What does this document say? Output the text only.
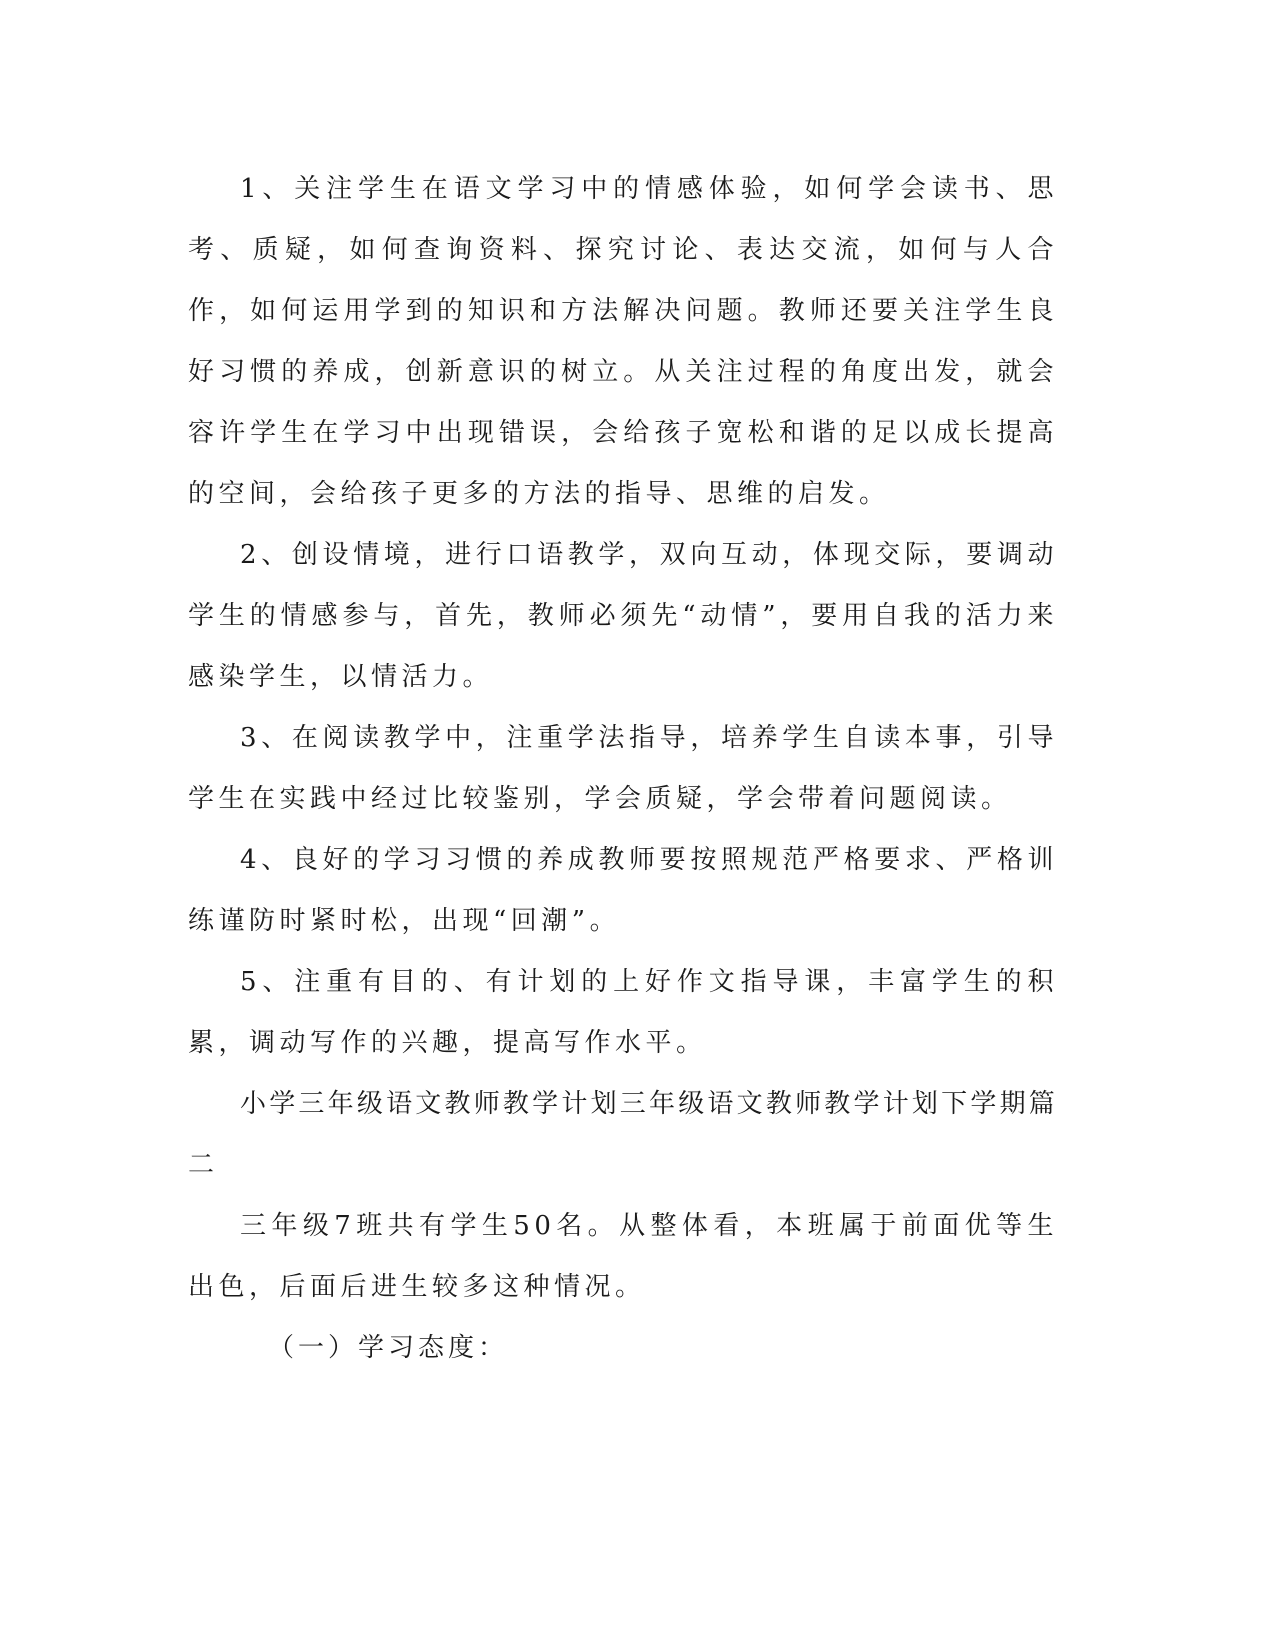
1、关注学生在语文学习中的情感体验，如何学会读书、思考、质疑，如何查询资料、探究讨论、表达交流，如何与人合作，如何运用学到的知识和方法解决问题。教师还要关注学生良好习惯的养成，创新意识的树立。从关注过程的角度出发，就会容许学生在学习中出现错误，会给孩子宽松和谐的足以成长提高的空间，会给孩子更多的方法的指导、思维的启发。

2、创设情境，进行口语教学，双向互动，体现交际，要调动学生的情感参与，首先，教师必须先“动情”，要用自我的活力来感染学生，以情活力。

3、在阅读教学中，注重学法指导，培养学生自读本事，引导学生在实践中经过比较鉴别，学会质疑，学会带着问题阅读。

4、良好的学习习惯的养成教师要按照规范严格要求、严格训练谨防时紧时松，出现“回潮”。

5、注重有目的、有计划的上好作文指导课，丰富学生的积累，调动写作的兴趣，提高写作水平。

小学三年级语文教师教学计划三年级语文教师教学计划下学期篇二

三年级7班共有学生50名。从整体看，本班属于前面优等生出色，后面后进生较多这种情况。

（一）学习态度：
